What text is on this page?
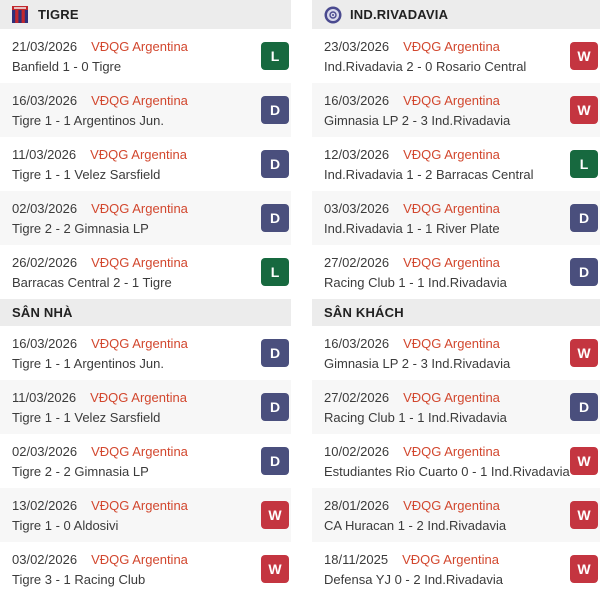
TIGRE
21/03/2026 VĐQG Argentina
Banfield 1 - 0 Tigre
L
16/03/2026 VĐQG Argentina
Tigre 1 - 1 Argentinos Jun.
D
11/03/2026 VĐQG Argentina
Tigre 1 - 1 Velez Sarsfield
D
02/03/2026 VĐQG Argentina
Tigre 2 - 2 Gimnasia LP
D
26/02/2026 VĐQG Argentina
Barracas Central 2 - 1 Tigre
L
SÂN NHÀ
16/03/2026 VĐQG Argentina
Tigre 1 - 1 Argentinos Jun.
D
11/03/2026 VĐQG Argentina
Tigre 1 - 1 Velez Sarsfield
D
02/03/2026 VĐQG Argentina
Tigre 2 - 2 Gimnasia LP
D
13/02/2026 VĐQG Argentina
Tigre 1 - 0 Aldosivi
W
03/02/2026 VĐQG Argentina
Tigre 3 - 1 Racing Club
W
IND.RIVADAVIA
23/03/2026 VĐQG Argentina
Ind.Rivadavia 2 - 0 Rosario Central
W
16/03/2026 VĐQG Argentina
Gimnasia LP 2 - 3 Ind.Rivadavia
W
12/03/2026 VĐQG Argentina
Ind.Rivadavia 1 - 2 Barracas Central
L
03/03/2026 VĐQG Argentina
Ind.Rivadavia 1 - 1 River Plate
D
27/02/2026 VĐQG Argentina
Racing Club 1 - 1 Ind.Rivadavia
D
SÂN KHÁCH
16/03/2026 VĐQG Argentina
Gimnasia LP 2 - 3 Ind.Rivadavia
W
27/02/2026 VĐQG Argentina
Racing Club 1 - 1 Ind.Rivadavia
D
10/02/2026 VĐQG Argentina
Estudiantes Rio Cuarto 0 - 1 Ind.Rivadavia
W
28/01/2026 VĐQG Argentina
CA Huracan 1 - 2 Ind.Rivadavia
W
18/11/2025 VĐQG Argentina
Defensa YJ 0 - 2 Ind.Rivadavia
W
